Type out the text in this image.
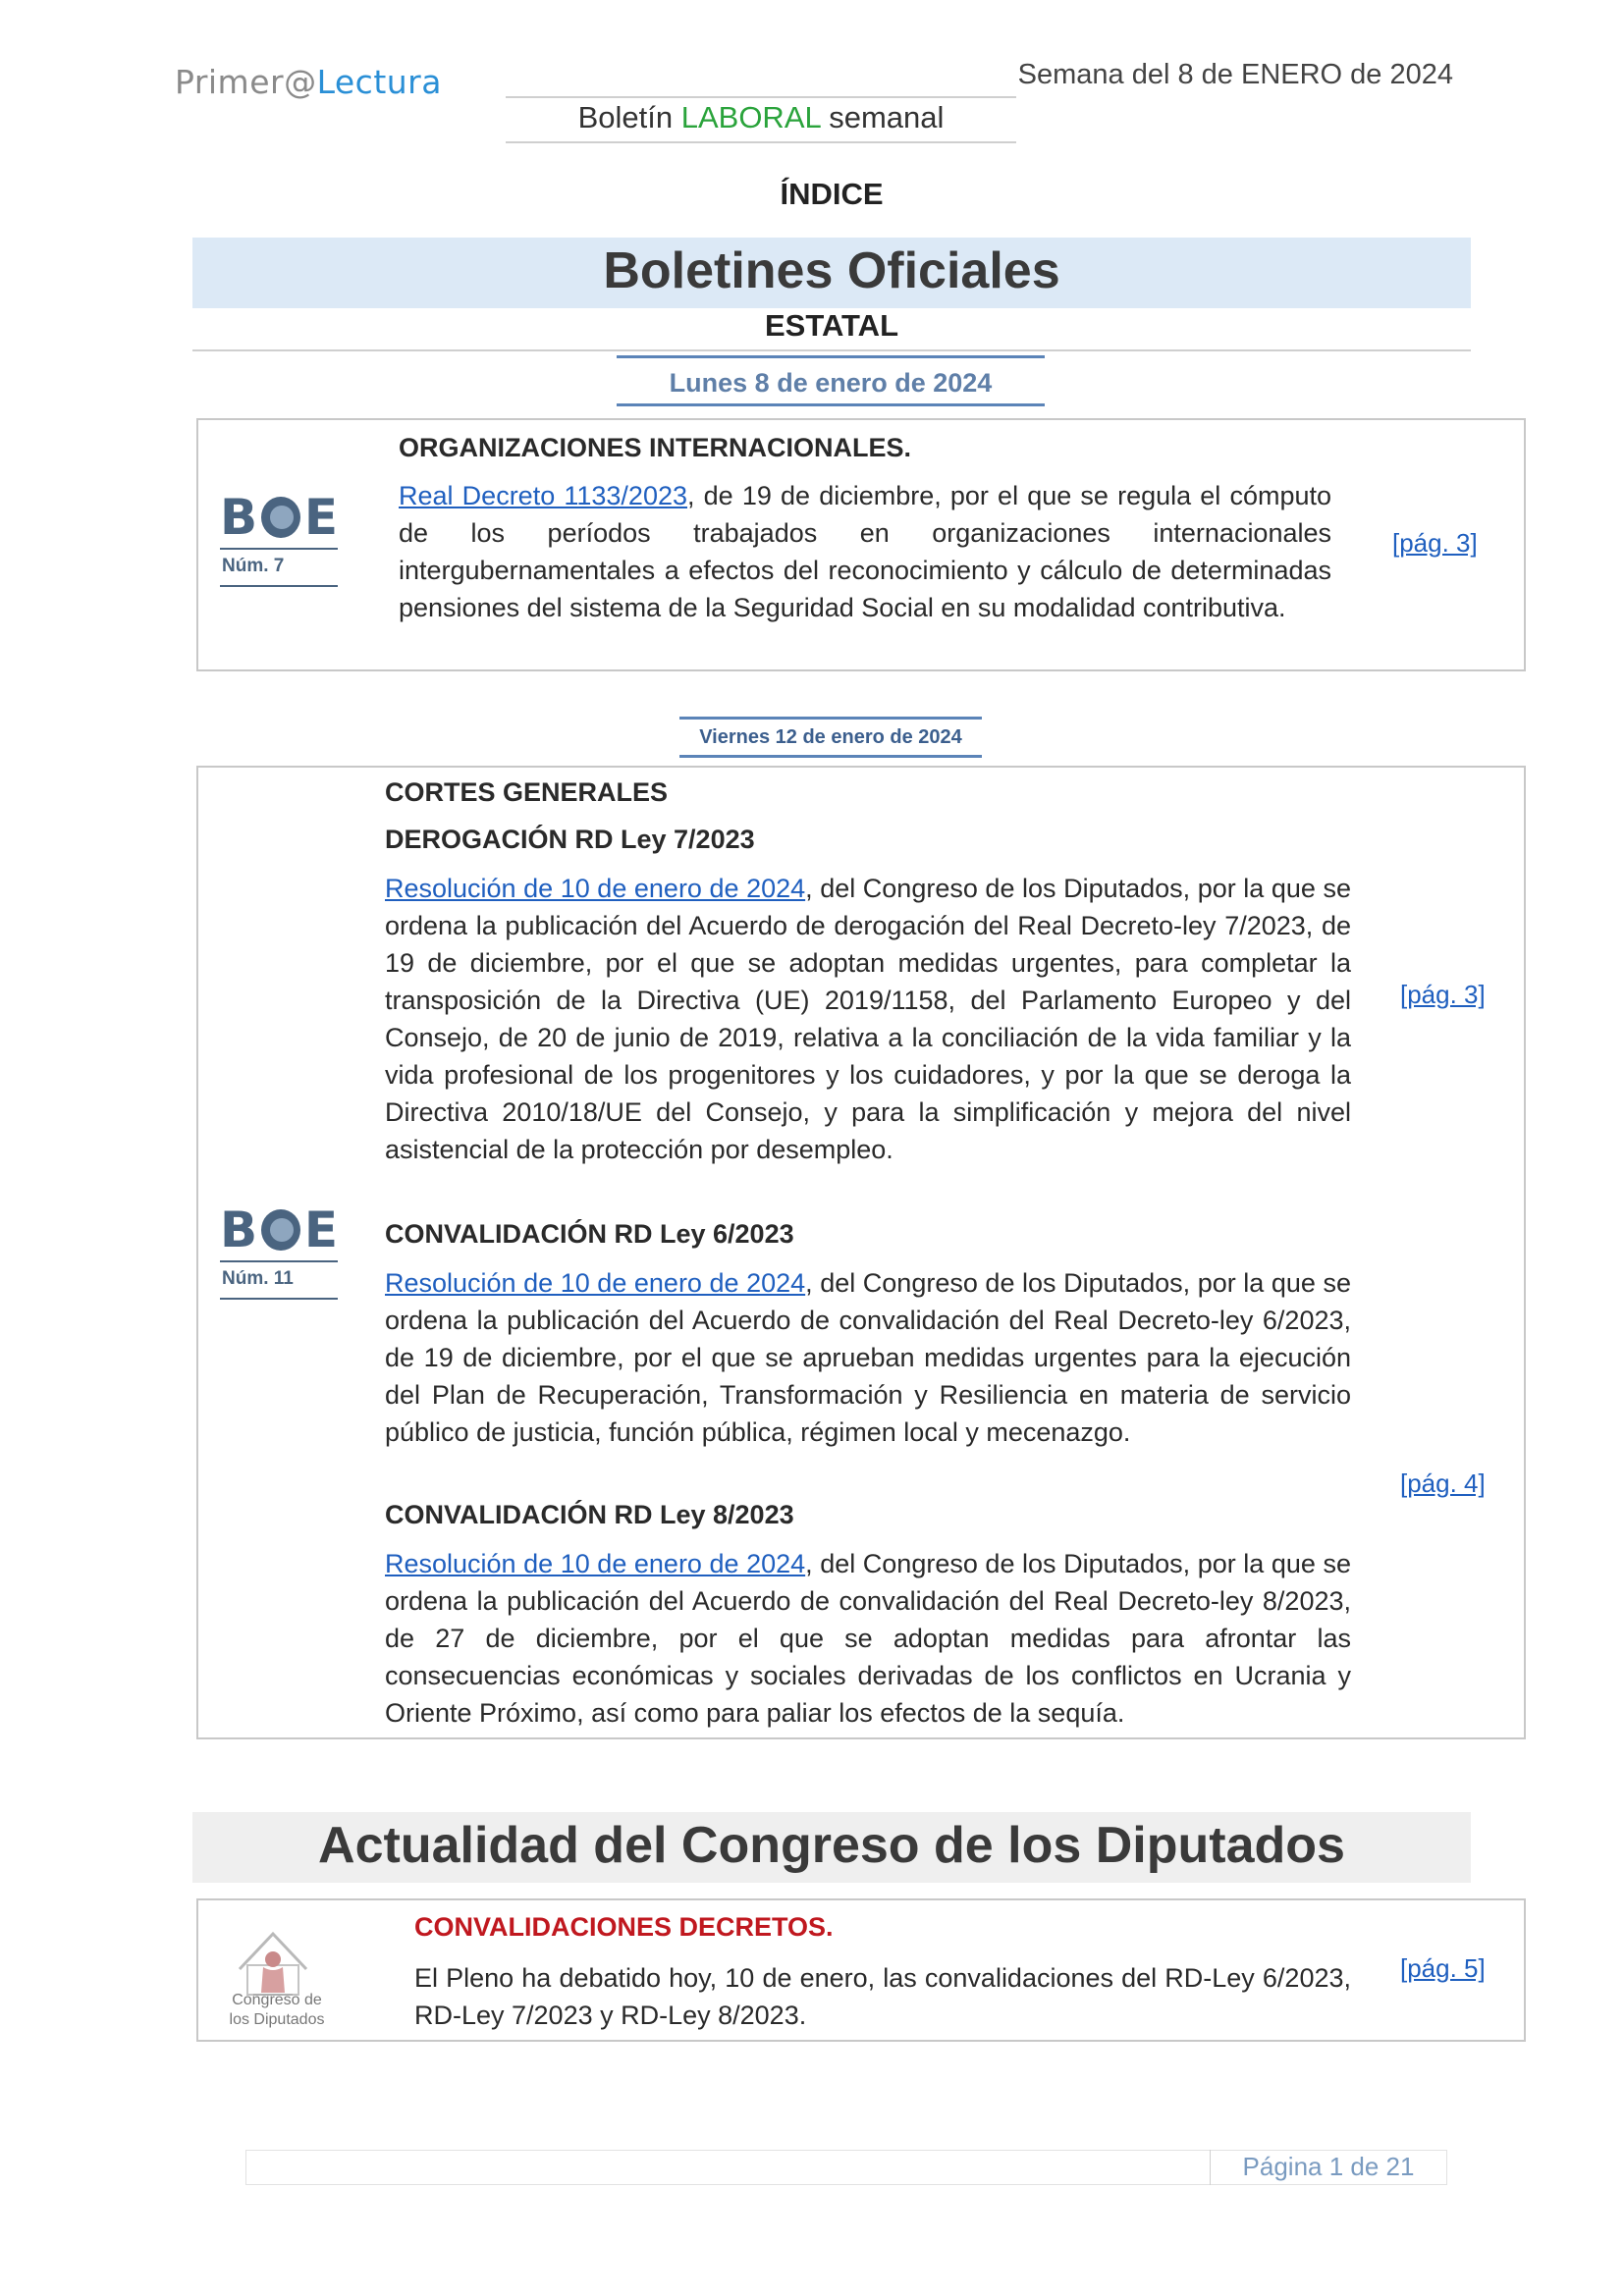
Primer@Lectura	Semana del 8 de ENERO de 2024
Boletín LABORAL semanal
ÍNDICE
Boletines Oficiales
ESTATAL
Lunes 8 de enero de 2024
B E
Núm. 7
ORGANIZACIONES INTERNACIONALES.
Real Decreto 1133/2023, de 19 de diciembre, por el que se regula el cómputo de los períodos trabajados en organizaciones internacionales intergubernamentales a efectos del reconocimiento y cálculo de determinadas pensiones del sistema de la Seguridad Social en su modalidad contributiva.
[pág. 3]
Viernes 12 de enero de 2024
B E
Núm. 11
CORTES GENERALES
DEROGACIÓN RD Ley 7/2023
Resolución de 10 de enero de 2024, del Congreso de los Diputados, por la que se ordena la publicación del Acuerdo de derogación del Real Decreto-ley 7/2023, de 19 de diciembre, por el que se adoptan medidas urgentes, para completar la transposición de la Directiva (UE) 2019/1158, del Parlamento Europeo y del Consejo, de 20 de junio de 2019, relativa a la conciliación de la vida familiar y la vida profesional de los progenitores y los cuidadores, y por la que se deroga la Directiva 2010/18/UE del Consejo, y para la simplificación y mejora del nivel asistencial de la protección por desempleo.
CONVALIDACIÓN RD Ley 6/2023
Resolución de 10 de enero de 2024, del Congreso de los Diputados, por la que se ordena la publicación del Acuerdo de convalidación del Real Decreto-ley 6/2023, de 19 de diciembre, por el que se aprueban medidas urgentes para la ejecución del Plan de Recuperación, Transformación y Resiliencia en materia de servicio público de justicia, función pública, régimen local y mecenazgo.
CONVALIDACIÓN RD Ley 8/2023
Resolución de 10 de enero de 2024, del Congreso de los Diputados, por la que se ordena la publicación del Acuerdo de convalidación del Real Decreto-ley 8/2023, de 27 de diciembre, por el que se adoptan medidas para afrontar las consecuencias económicas y sociales derivadas de los conflictos en Ucrania y Oriente Próximo, así como para paliar los efectos de la sequía.
[pág. 3]
[pág. 4]
Actualidad del Congreso de los Diputados
Congreso de
los Diputados
CONVALIDACIONES DECRETOS.
El Pleno ha debatido hoy, 10 de enero, las convalidaciones del RD-Ley 6/2023, RD-Ley 7/2023 y RD-Ley 8/2023.
[pág. 5]
Página 1 de 21
